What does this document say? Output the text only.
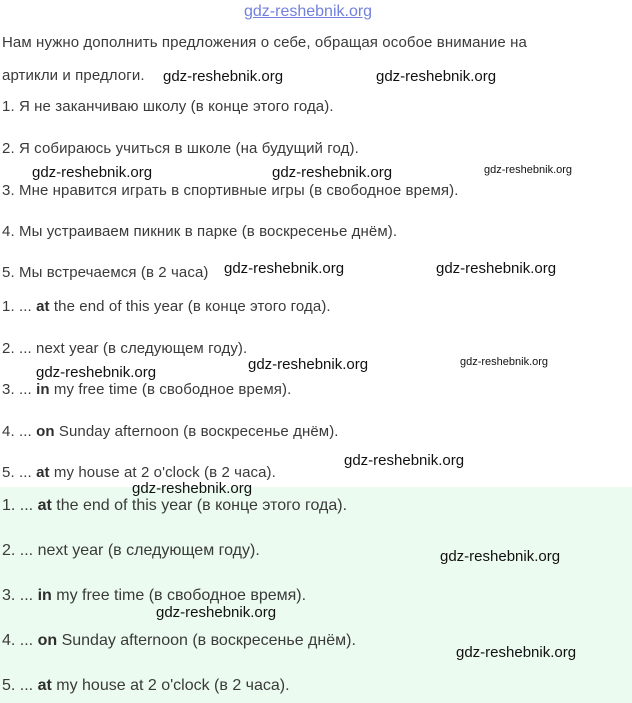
gdz-reshebnik.org
Нам нужно дополнить предложения о себе, обращая особое внимание на
артикли и предлоги.
1. Я не заканчиваю школу (в конце этого года).
2. Я собираюсь учиться в школе (на будущий год).
3. Мне нравится играть в спортивные игры (в свободное время).
4. Мы устраиваем пикник в парке (в воскресенье днём).
5. Мы встречаемся (в 2 часа)
1. ... at the end of this year (в конце этого года).
2. ... next year (в следующем году).
3. ... in my free time (в свободное время).
4. ... on Sunday afternoon (в воскресенье днём).
5. ... at my house at 2 o'clock (в 2 часа).
1. ... at the end of this year (в конце этого года).
2. ... next year (в следующем году).
3. ... in my free time (в свободное время).
4. ... on Sunday afternoon (в воскресенье днём).
5. ... at my house at 2 o'clock (в 2 часа).
gdz-reshebnik.org	gdz-reshebnik.org
gdz-reshebnik.org	gdz-reshebnik.org	gdz-reshebnik.org
gdz-reshebnik.org	gdz-reshebnik.org
gdz-reshebnik.org	gdz-reshebnik.org
gdz-reshebnik.org
gdz-reshebnik.org
gdz-reshebnik.org
gdz-reshebnik.org
gdz-reshebnik.org
gdz-reshebnik.org
